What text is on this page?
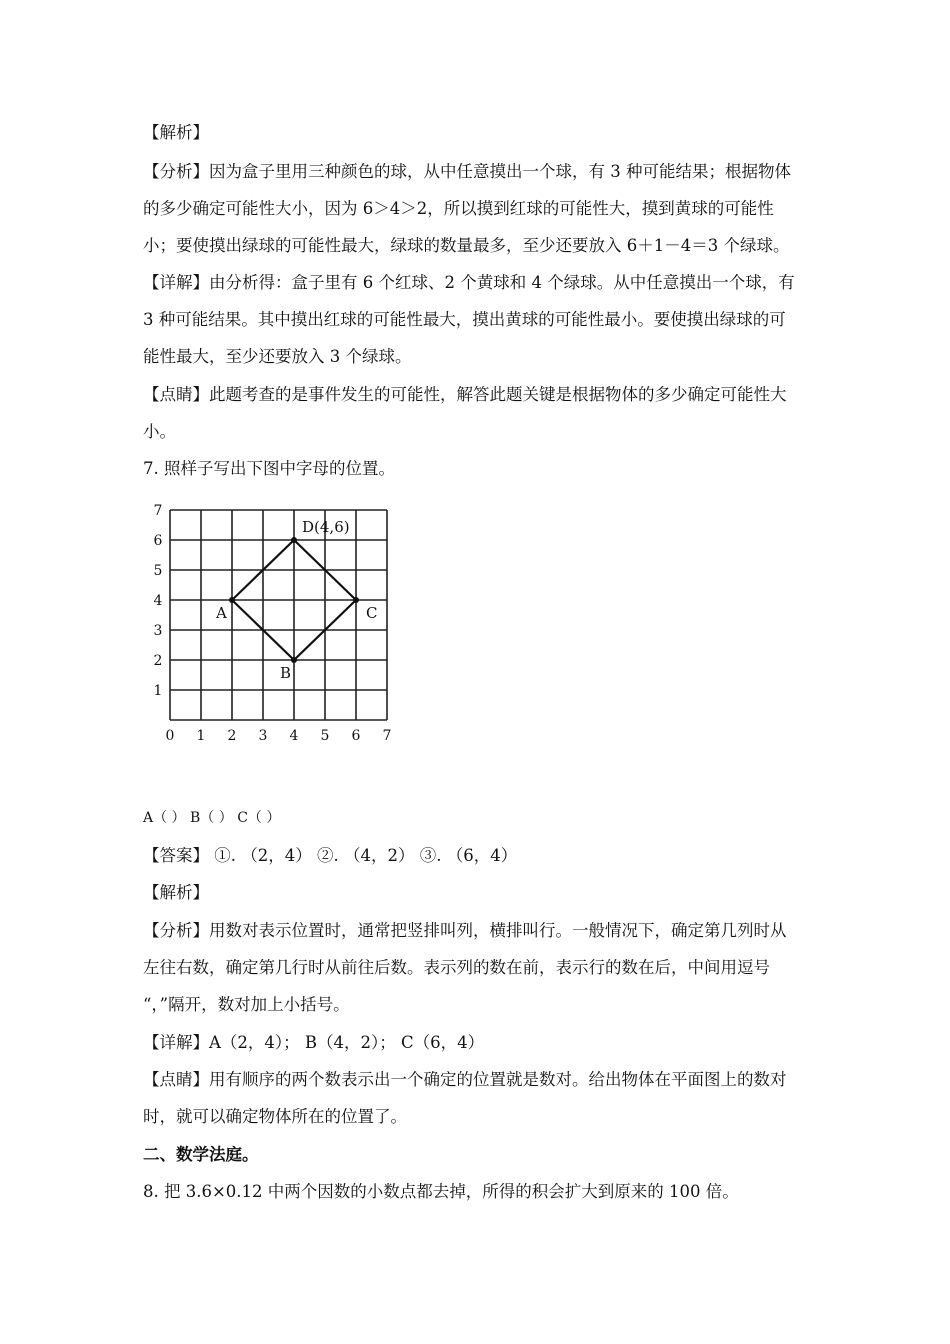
【解析】
【分析】因为盒子里用三种颜色的球，从中任意摸出一个球，有 3 种可能结果；根据物体
的多少确定可能性大小，因为 6＞4＞2，所以摸到红球的可能性大，摸到黄球的可能性
小；要使摸出绿球的可能性最大，绿球的数量最多，至少还要放入 6＋1－4＝3 个绿球。
【详解】由分析得：盒子里有 6 个红球、2 个黄球和 4 个绿球。从中任意摸出一个球，有
3 种可能结果。其中摸出红球的可能性最大，摸出黄球的可能性最小。要使摸出绿球的可
能性最大，至少还要放入 3 个绿球。
【点睛】此题考查的是事件发生的可能性，解答此题关键是根据物体的多少确定可能性大
小。
7. 照样子写出下图中字母的位置。
0 1 2 3 4 5 6 7
1
2
3
4
5
6
7
A
B
C
D(4,6)
A（ ） B（ ） C（ ）
【答案】 ①. （2，4） ②. （4，2） ③. （6，4）
【解析】
【分析】用数对表示位置时，通常把竖排叫列，横排叫行。一般情况下，确定第几列时从
左往右数，确定第几行时从前往后数。表示列的数在前，表示行的数在后，中间用逗号
“，”隔开，数对加上小括号。
【详解】A（2，4）； B（4，2）； C（6，4）
【点睛】用有顺序的两个数表示出一个确定的位置就是数对。给出物体在平面图上的数对
时，就可以确定物体所在的位置了。
二、数学法庭。
8. 把 3.6×0.12 中两个因数的小数点都去掉，所得的积会扩大到原来的 100 倍。
